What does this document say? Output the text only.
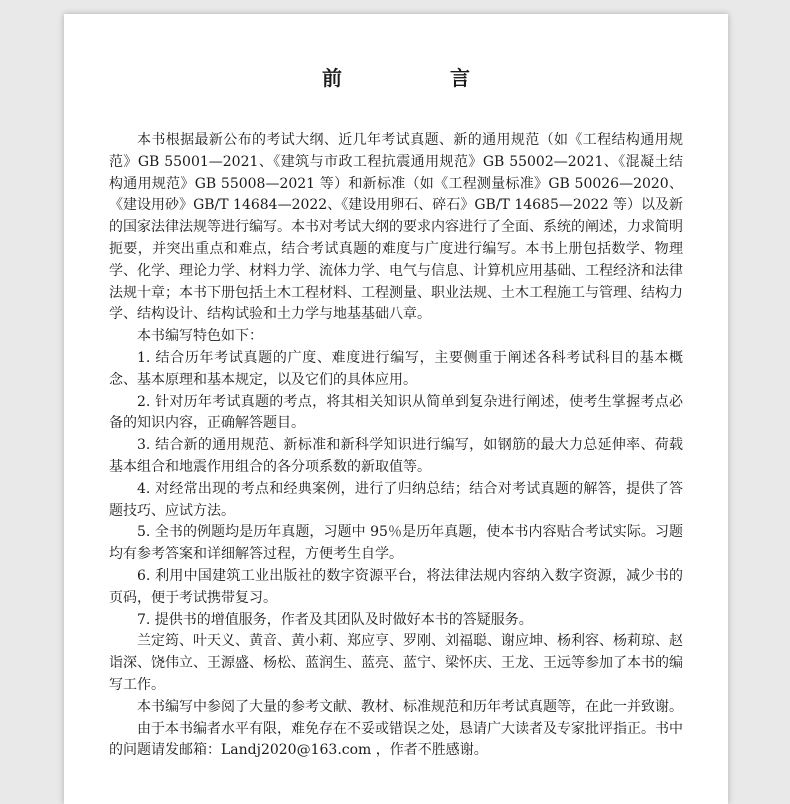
前　言

本书根据最新公布的考试大纲、近几年考试真题、新的通用规范（如《工程结构通用规范》GB 55001—2021、《建筑与市政工程抗震通用规范》GB 55002—2021、《混凝土结构通用规范》GB 55008—2021 等）和新标准（如《工程测量标准》GB 50026—2020、《建设用砂》GB/T 14684—2022、《建设用卵石、碎石》GB/T 14685—2022 等）以及新的国家法律法规等进行编写。本书对考试大纲的要求内容进行了全面、系统的阐述，力求简明扼要，并突出重点和难点，结合考试真题的难度与广度进行编写。本书上册包括数学、物理学、化学、理论力学、材料力学、流体力学、电气与信息、计算机应用基础、工程经济和法律法规十章；本书下册包括土木工程材料、工程测量、职业法规、土木工程施工与管理、结构力学、结构设计、结构试验和土力学与地基基础八章。

本书编写特色如下：

1. 结合历年考试真题的广度、难度进行编写，主要侧重于阐述各科考试科目的基本概念、基本原理和基本规定，以及它们的具体应用。

2. 针对历年考试真题的考点，将其相关知识从简单到复杂进行阐述，使考生掌握考点必备的知识内容，正确解答题目。

3. 结合新的通用规范、新标准和新科学知识进行编写，如钢筋的最大力总延伸率、荷载基本组合和地震作用组合的各分项系数的新取值等。

4. 对经常出现的考点和经典案例，进行了归纳总结；结合对考试真题的解答，提供了答题技巧、应试方法。

5. 全书的例题均是历年真题，习题中 95％是历年真题，使本书内容贴合考试实际。习题均有参考答案和详细解答过程，方便考生自学。

6. 利用中国建筑工业出版社的数字资源平台，将法律法规内容纳入数字资源，减少书的页码，便于考试携带复习。

7. 提供书的增值服务，作者及其团队及时做好本书的答疑服务。

兰定筠、叶天义、黄音、黄小莉、郑应亨、罗刚、刘福聪、谢应坤、杨利容、杨莉琼、赵诣深、饶伟立、王源盛、杨松、蓝润生、蓝亮、蓝宁、梁怀庆、王龙、王远等参加了本书的编写工作。

本书编写中参阅了大量的参考文献、教材、标准规范和历年考试真题等，在此一并致谢。

由于本书编者水平有限，难免存在不妥或错误之处，恳请广大读者及专家批评指正。书中的问题请发邮箱：Landj2020@163.com ，作者不胜感谢。
